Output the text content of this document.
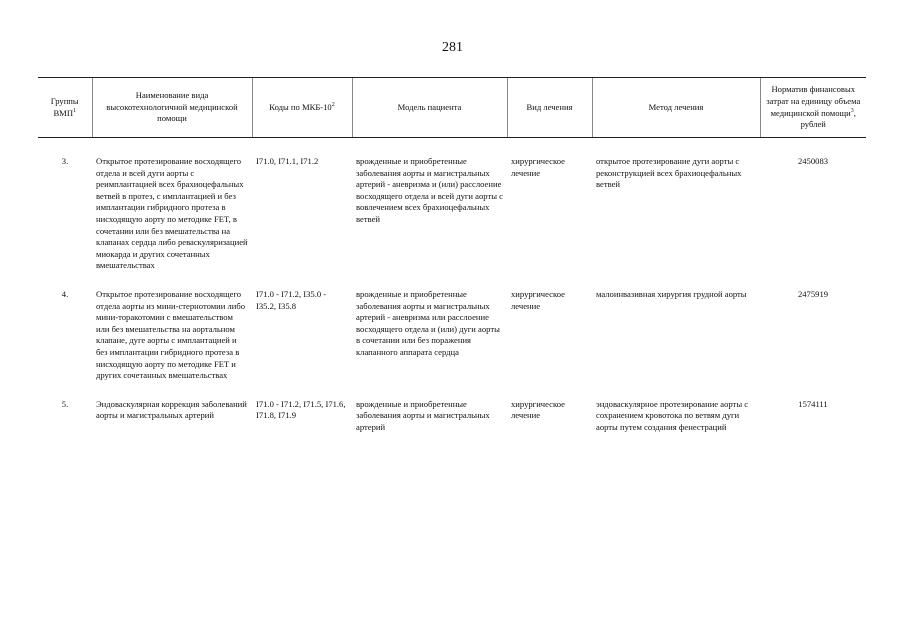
281
Группы ВМП$^1$	Наименование вида высокотехнологичной медицинской помощи	Коды по МКБ-$10^2$	Модель пациента	Вид лечения	Метод лечения	Норматив финансовых затрат на единицу объема медицинской помощи$^3$, рублей
3.	Открытое протезирование восходящего отдела и всей дуги аорты с реимплантацией всех брахиоцефальных ветвей в протез, с имплантацией и без имплантации гибридного протеза в нисходящую аорту по методике FET, в сочетании или без вмешательства на клапанах сердца либо реваскуляризацией миокарда и других сочетанных вмешательствах	I71.0, I71.1, I71.2	врожденные и приобретенные заболевания аорты и магистральных артерий - аневризма и (или) расслоение восходящего отдела и всей дуги аорты с вовлечением всех брахиоцефальных ветвей	хирургическое лечение	открытое протезирование дуги аорты с реконструкцией всех брахиоцефальных ветвей	2450083
4.	Открытое протезирование восходящего отдела аорты из мини-стернотомии либо мини-торакотомии с вмешательством или без вмешательства на аортальном клапане, дуге аорты с имплантацией и без имплантации гибридного протеза в нисходящую аорту по методике FET и других сочетанных вмешательствах	I71.0 - I71.2, I35.0 - I35.2, I35.8	врожденные и приобретенные заболевания аорты и магистральных артерий - аневризма или расслоение восходящего отдела и (или) дуги аорты в сочетании или без поражения клапанного аппарата сердца	хирургическое лечение	малоинвазивная хирургия грудной аорты	2475919
5.	Эндоваскулярная коррекция заболеваний аорты и магистральных артерий	I71.0 - I71.2, I71.5, I71.6, I71.8, I71.9	врожденные и приобретенные заболевания аорты и магистральных артерий	хирургическое лечение	эндоваскулярное протезирование аорты с сохранением кровотока по ветвям дуги аорты путем создания фенестраций	1574111
